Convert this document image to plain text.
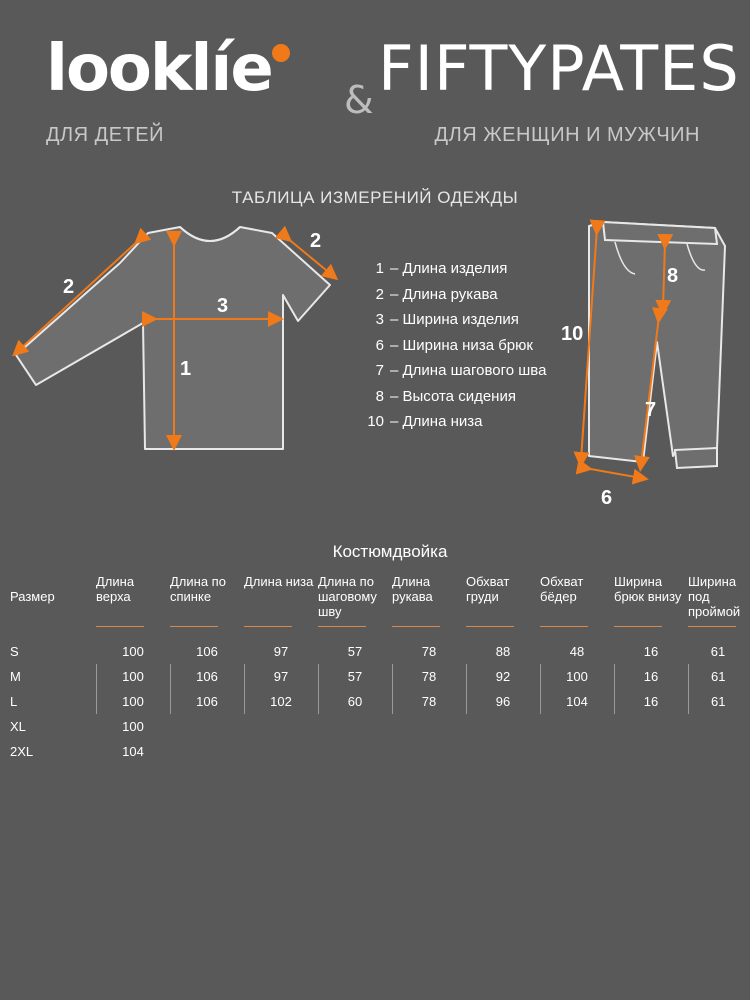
looklíe & FIFTYPATES
ДЛЯ ДЕТЕЙ	ДЛЯ ЖЕНЩИН И МУЖЧИН
ТАБЛИЦА ИЗМЕРЕНИЙ ОДЕЖДЫ
1
3
2
2
1 – Длина изделия
2 – Длина рукава
3 – Ширина изделия
6 – Ширина низа брюк
7 – Длина шагового шва
8 – Высота сидения
10 – Длина низа
10
8
7
6
Костюмдвойка
Размер	Длина верха	Длина по спинке	Длина низа	Длина по шаговому шву	Длина рукава	Обхват груди	Обхват бёдер	Ширина брюк внизу	Ширина под проймой

S	100	106	97	57	78	88	48	16	61
M	100	106	97	57	78	92	100	16	61
L	100	106	102	60	78	96	104	16	61
XL	100								
2XL	104								
